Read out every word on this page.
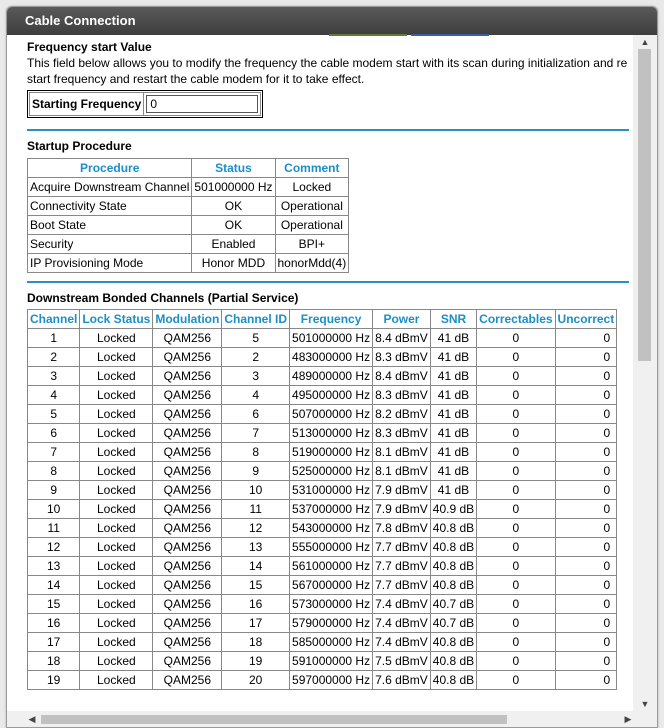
Cable Connection
Frequency start Value
This field below allows you to modify the frequency the cable modem start with its scan during initialization and re
start frequency and restart the cable modem for it to take effect.
Starting Frequency	0
Startup Procedure
Procedure	Status	Comment
Acquire Downstream Channel	501000000 Hz	Locked
Connectivity State	OK	Operational
Boot State	OK	Operational
Security	Enabled	BPI+
IP Provisioning Mode	Honor MDD	honorMdd(4)
Downstream Bonded Channels (Partial Service)
Channel	Lock Status	Modulation	Channel ID	Frequency	Power	SNR	Correctables	Uncorrect
1	Locked	QAM256	5	501000000 Hz	8.4 dBmV	41 dB	0	0
2	Locked	QAM256	2	483000000 Hz	8.3 dBmV	41 dB	0	0
3	Locked	QAM256	3	489000000 Hz	8.4 dBmV	41 dB	0	0
4	Locked	QAM256	4	495000000 Hz	8.3 dBmV	41 dB	0	0
5	Locked	QAM256	6	507000000 Hz	8.2 dBmV	41 dB	0	0
6	Locked	QAM256	7	513000000 Hz	8.3 dBmV	41 dB	0	0
7	Locked	QAM256	8	519000000 Hz	8.1 dBmV	41 dB	0	0
8	Locked	QAM256	9	525000000 Hz	8.1 dBmV	41 dB	0	0
9	Locked	QAM256	10	531000000 Hz	7.9 dBmV	41 dB	0	0
10	Locked	QAM256	11	537000000 Hz	7.9 dBmV	40.9 dB	0	0
11	Locked	QAM256	12	543000000 Hz	7.8 dBmV	40.8 dB	0	0
12	Locked	QAM256	13	555000000 Hz	7.7 dBmV	40.8 dB	0	0
13	Locked	QAM256	14	561000000 Hz	7.7 dBmV	40.8 dB	0	0
14	Locked	QAM256	15	567000000 Hz	7.7 dBmV	40.8 dB	0	0
15	Locked	QAM256	16	573000000 Hz	7.4 dBmV	40.7 dB	0	0
16	Locked	QAM256	17	579000000 Hz	7.4 dBmV	40.7 dB	0	0
17	Locked	QAM256	18	585000000 Hz	7.4 dBmV	40.8 dB	0	0
18	Locked	QAM256	19	591000000 Hz	7.5 dBmV	40.8 dB	0	0
19	Locked	QAM256	20	597000000 Hz	7.6 dBmV	40.8 dB	0	0
▲
▼
◀	▶
